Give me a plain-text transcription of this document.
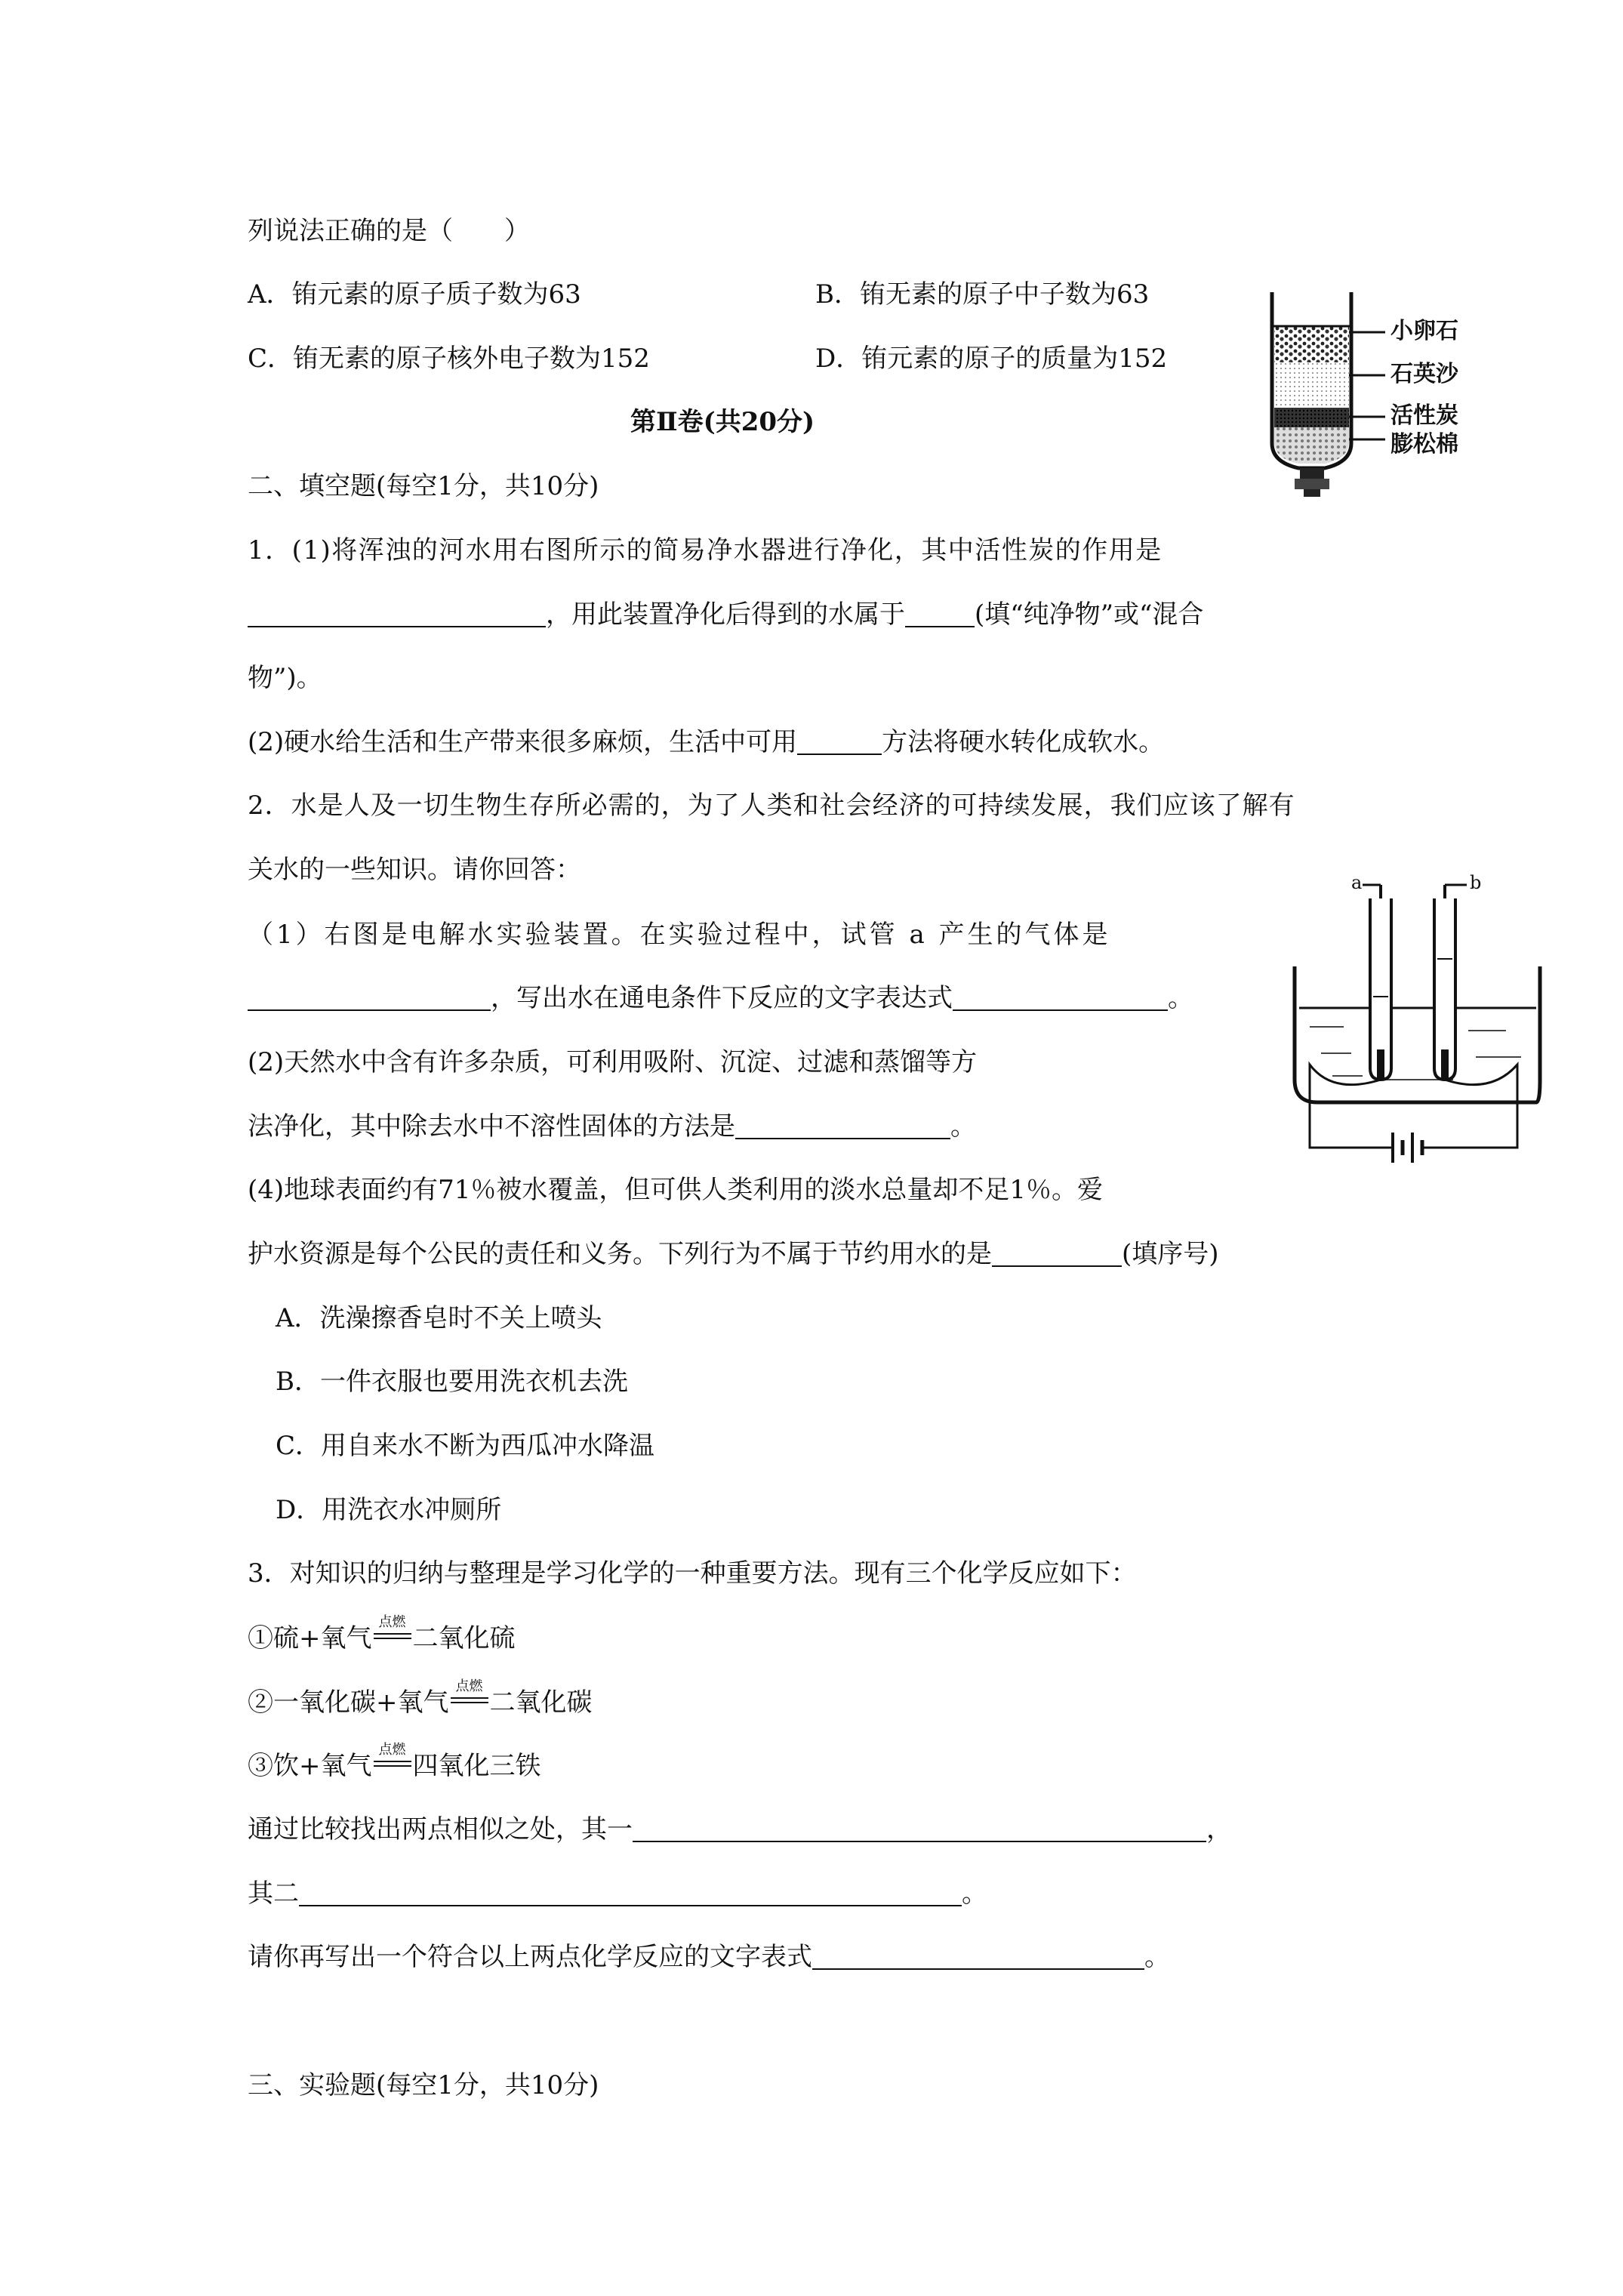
列说法正确的是（　　）
A．铕元素的原子质子数为63	B．铕无素的原子中子数为63
C．铕无素的原子核外电子数为152	D．铕元素的原子的质量为152
第Ⅱ卷(共20分)
二、填空题(每空1分，共10分)
1．(1)将浑浊的河水用右图所示的简易净水器进行净化，其中活性炭的作用是
，用此装置净化后得到的水属于	(填“纯净物”或“混合
物”)。
(2)硬水给生活和生产带来很多麻烦，生活中可用	方法将硬水转化成软水。
2．水是人及一切生物生存所必需的，为了人类和社会经济的可持续发展，我们应该了解有
关水的一些知识。请你回答：
（1）右图是电解水实验装置。在实验过程中，试管 a 产生的气体是
，写出水在通电条件下反应的文字表达式	。
(2)天然水中含有许多杂质，可利用吸附、沉淀、过滤和蒸馏等方
法净化，其中除去水中不溶性固体的方法是	。
(4)地球表面约有71％被水覆盖，但可供人类利用的淡水总量却不足1％。爱
护水资源是每个公民的责任和义务。下列行为不属于节约用水的是	(填序号)
A．洗澡擦香皂时不关上喷头
B．一件衣服也要用洗衣机去洗
C．用自来水不断为西瓜冲水降温
D．用洗衣水冲厕所
3．对知识的归纳与整理是学习化学的一种重要方法。现有三个化学反应如下：
①硫+氧气
点燃
二氧化硫
②一氧化碳+氧气
点燃
二氧化碳
③饮+氧气
点燃
四氧化三铁
通过比较找出两点相似之处，其一	，
其二	。
请你再写出一个符合以上两点化学反应的文字表式	。
三、实验题(每空1分，共10分)
小卵石
石英沙
活性炭
膨松棉
a	b
